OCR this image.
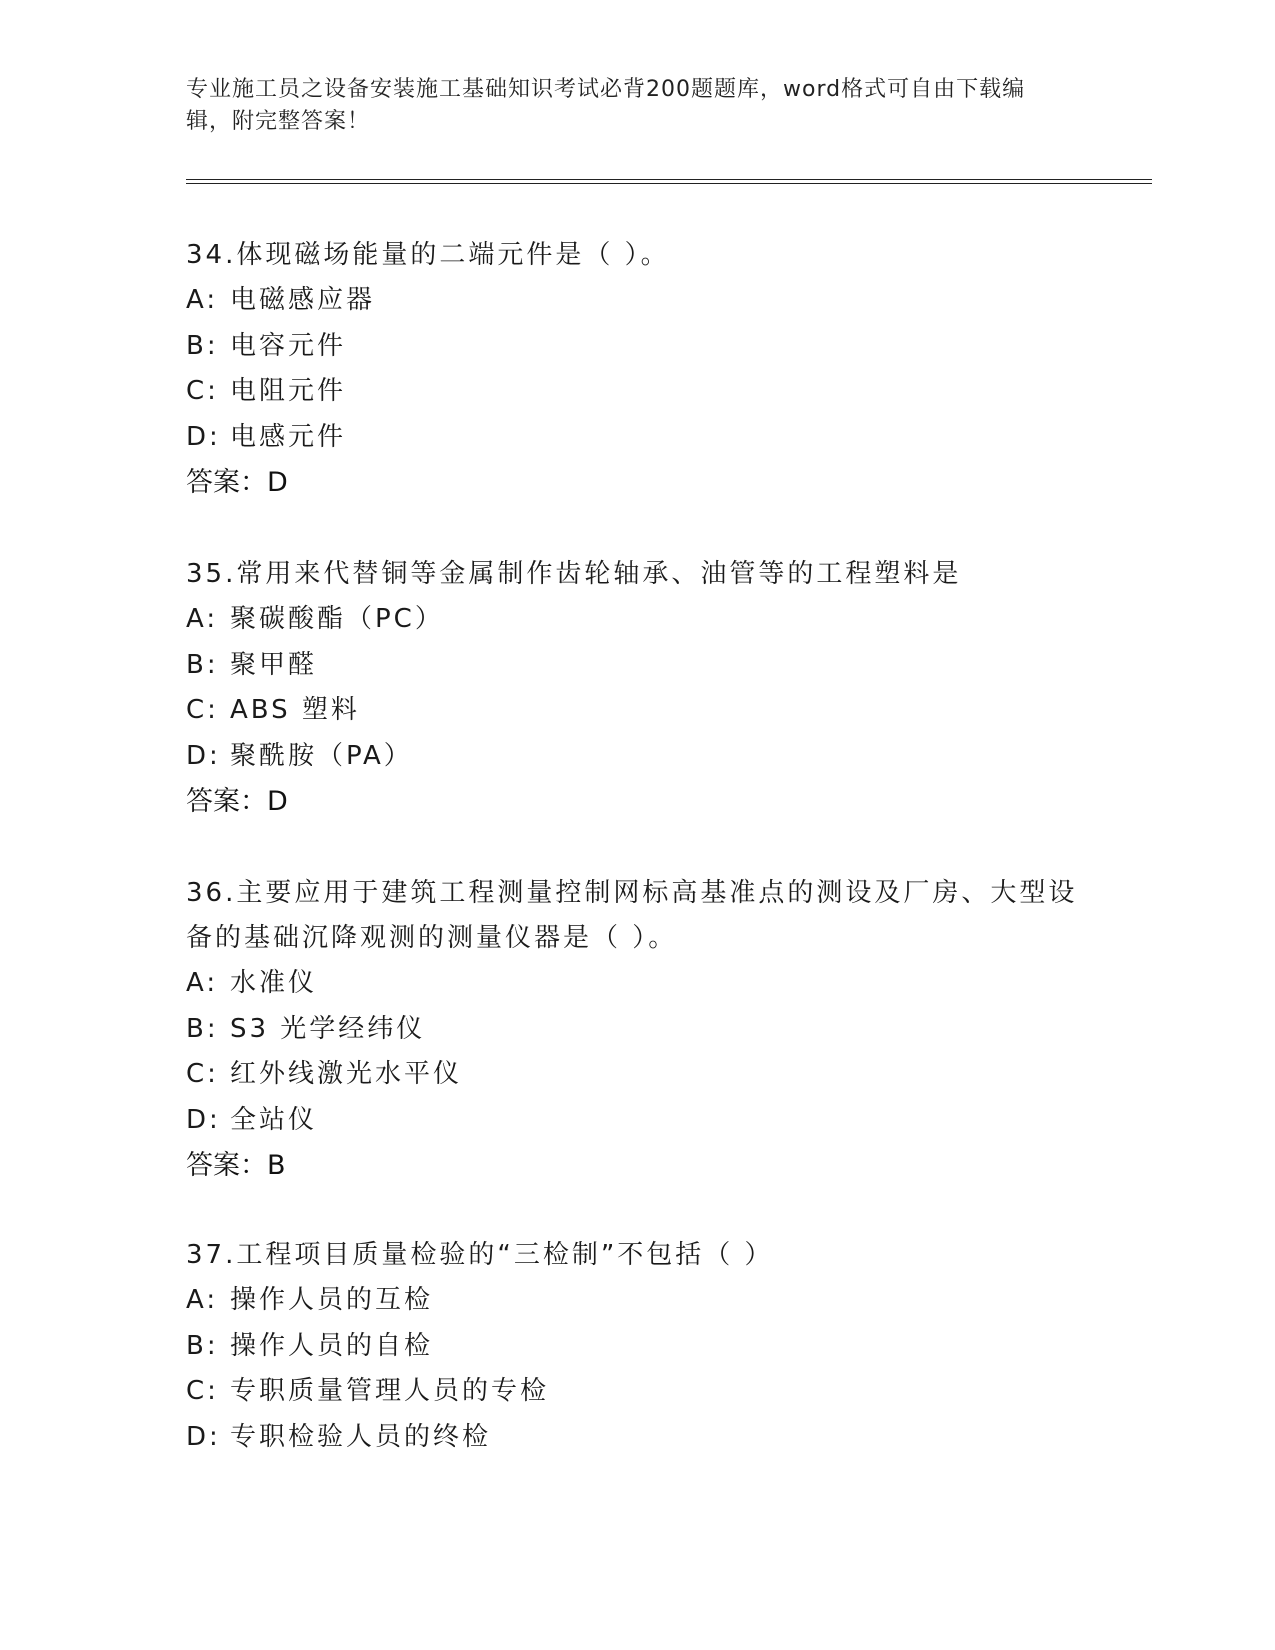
专业施工员之设备安装施工基础知识考试必背200题题库，word格式可自由下载编辑，附完整答案！

34.体现磁场能量的二端元件是（ ）。

A: 电磁感应器
B: 电容元件
C: 电阻元件
D: 电感元件
答案：D

35.常用来代替铜等金属制作齿轮轴承、油管等的工程塑料是

A: 聚碳酸酯（PC）
B: 聚甲醛
C: ABS 塑料
D: 聚酰胺（PA）
答案：D

36.主要应用于建筑工程测量控制网标高基准点的测设及厂房、大型设备的基础沉降观测的测量仪器是（ ）。

A: 水准仪
B: S3 光学经纬仪
C: 红外线激光水平仪
D: 全站仪
答案：B

37.工程项目质量检验的“三检制”不包括（ ）

A: 操作人员的互检
B: 操作人员的自检
C: 专职质量管理人员的专检
D: 专职检验人员的终检
